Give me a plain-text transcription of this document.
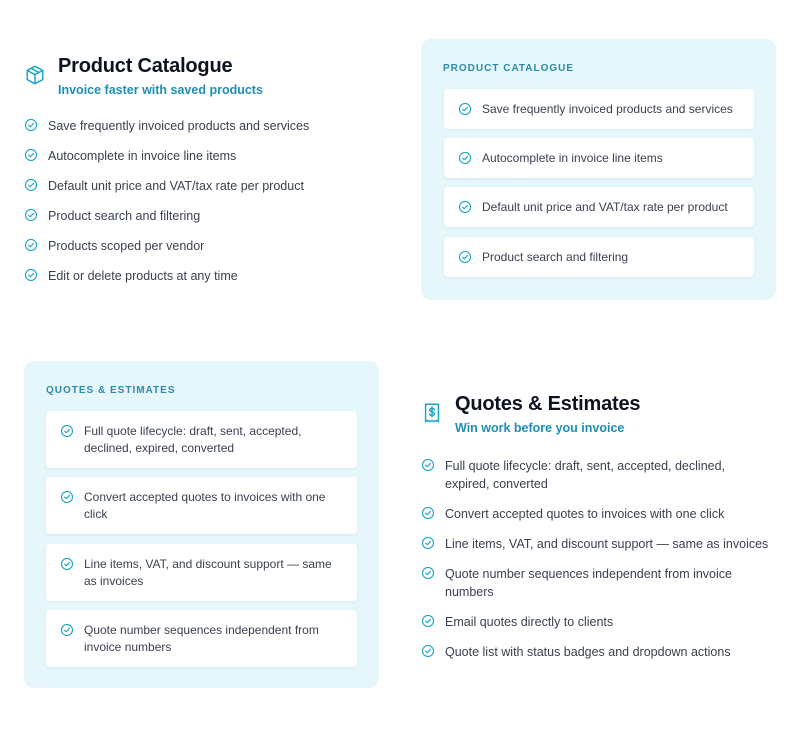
Product Catalogue
Invoice faster with saved products
Save frequently invoiced products and services
Autocomplete in invoice line items
Default unit price and VAT/tax rate per product
Product search and filtering
Products scoped per vendor
Edit or delete products at any time
PRODUCT CATALOGUE
Save frequently invoiced products and services
Autocomplete in invoice line items
Default unit price and VAT/tax rate per product
Product search and filtering
QUOTES & ESTIMATES
Full quote lifecycle: draft, sent, accepted, declined, expired, converted
Convert accepted quotes to invoices with one click
Line items, VAT, and discount support — same as invoices
Quote number sequences independent from invoice numbers
Quotes & Estimates
Win work before you invoice
Full quote lifecycle: draft, sent, accepted, declined, expired, converted
Convert accepted quotes to invoices with one click
Line items, VAT, and discount support — same as invoices
Quote number sequences independent from invoice numbers
Email quotes directly to clients
Quote list with status badges and dropdown actions
